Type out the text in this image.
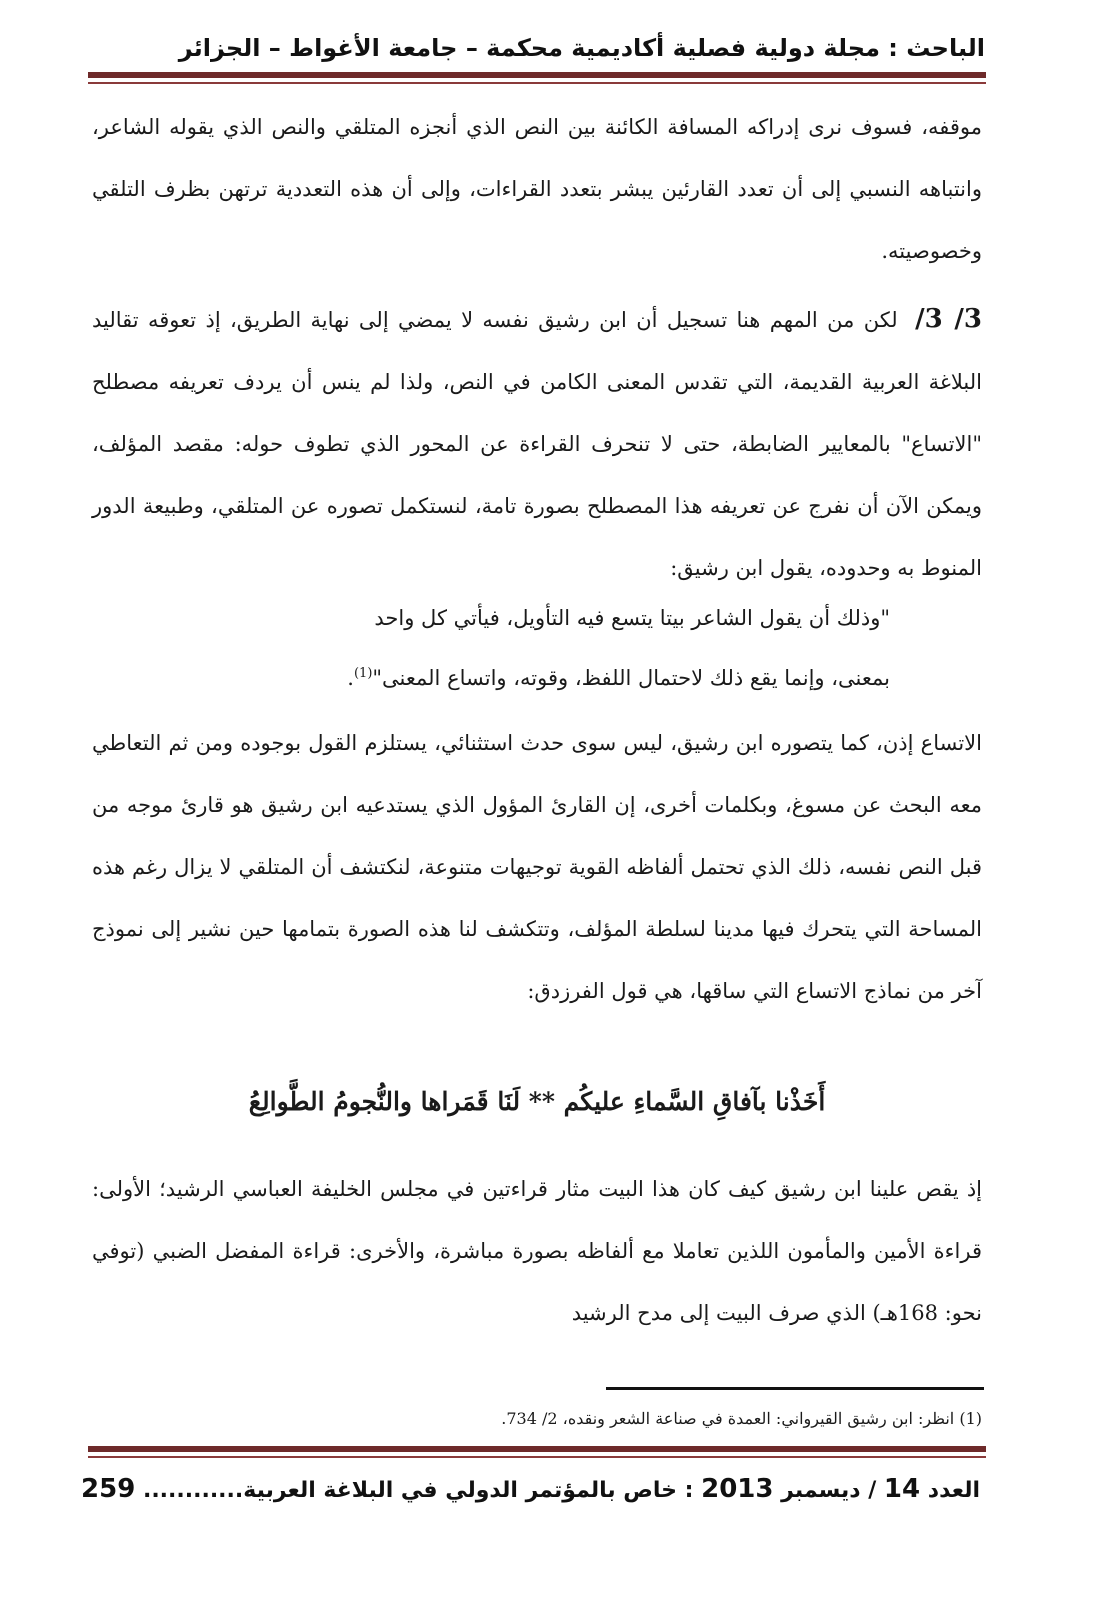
الباحث : مجلة دولية فصلية أكاديمية محكمة – جامعة الأغواط – الجزائر

موقفه، فسوف نرى إدراكه المسافة الكائنة بين النص الذي أنجزه المتلقي والنص الذي يقوله الشاعر، وانتباهه النسبي إلى أن تعدد القارئين يبشر بتعدد القراءات، وإلى أن هذه التعددية ترتهن بظرف التلقي وخصوصيته.

3/ 3/ لكن من المهم هنا تسجيل أن ابن رشيق نفسه لا يمضي إلى نهاية الطريق، إذ تعوقه تقاليد البلاغة العربية القديمة، التي تقدس المعنى الكامن في النص، ولذا لم ينس أن يردف تعريفه مصطلح "الاتساع" بالمعايير الضابطة، حتى لا تنحرف القراءة عن المحور الذي تطوف حوله: مقصد المؤلف، ويمكن الآن أن نفرج عن تعريفه هذا المصطلح بصورة تامة، لنستكمل تصوره عن المتلقي، وطبيعة الدور المنوط به وحدوده، يقول ابن رشيق:

"وذلك أن يقول الشاعر بيتا يتسع فيه التأويل، فيأتي كل واحد

بمعنى، وإنما يقع ذلك لاحتمال اللفظ، وقوته، واتساع المعنى"$^{(1)}$.

الاتساع إذن، كما يتصوره ابن رشيق، ليس سوى حدث استثنائي، يستلزم القول بوجوده ومن ثم التعاطي معه البحث عن مسوغ، وبكلمات أخرى، إن القارئ المؤول الذي يستدعيه ابن رشيق هو قارئ موجه من قبل النص نفسه، ذلك الذي تحتمل ألفاظه القوية توجيهات متنوعة، لنكتشف أن المتلقي لا يزال رغم هذه المساحة التي يتحرك فيها مدينا لسلطة المؤلف، وتتكشف لنا هذه الصورة بتمامها حين نشير إلى نموذج آخر من نماذج الاتساع التي ساقها، هي قول الفرزدق:

أَخَذْنا بآفاقِ السَّماءِ عليكُم ** لَنَا قَمَراها والنُّجومُ الطَّوالِعُ

إذ يقص علينا ابن رشيق كيف كان هذا البيت مثار قراءتين في مجلس الخليفة العباسي الرشيد؛ الأولى: قراءة الأمين والمأمون اللذين تعاملا مع ألفاظه بصورة مباشرة، والأخرى: قراءة المفضل الضبي (توفي نحو: 168هـ) الذي صرف البيت إلى مدح الرشيد

(1) انظر: ابن رشيق القيرواني: العمدة في صناعة الشعر ونقده، 2/ 734.
العدد 14 / ديسمبر 2013 : خاص بالمؤتمر الدولي في البلاغة العربية............ 259
